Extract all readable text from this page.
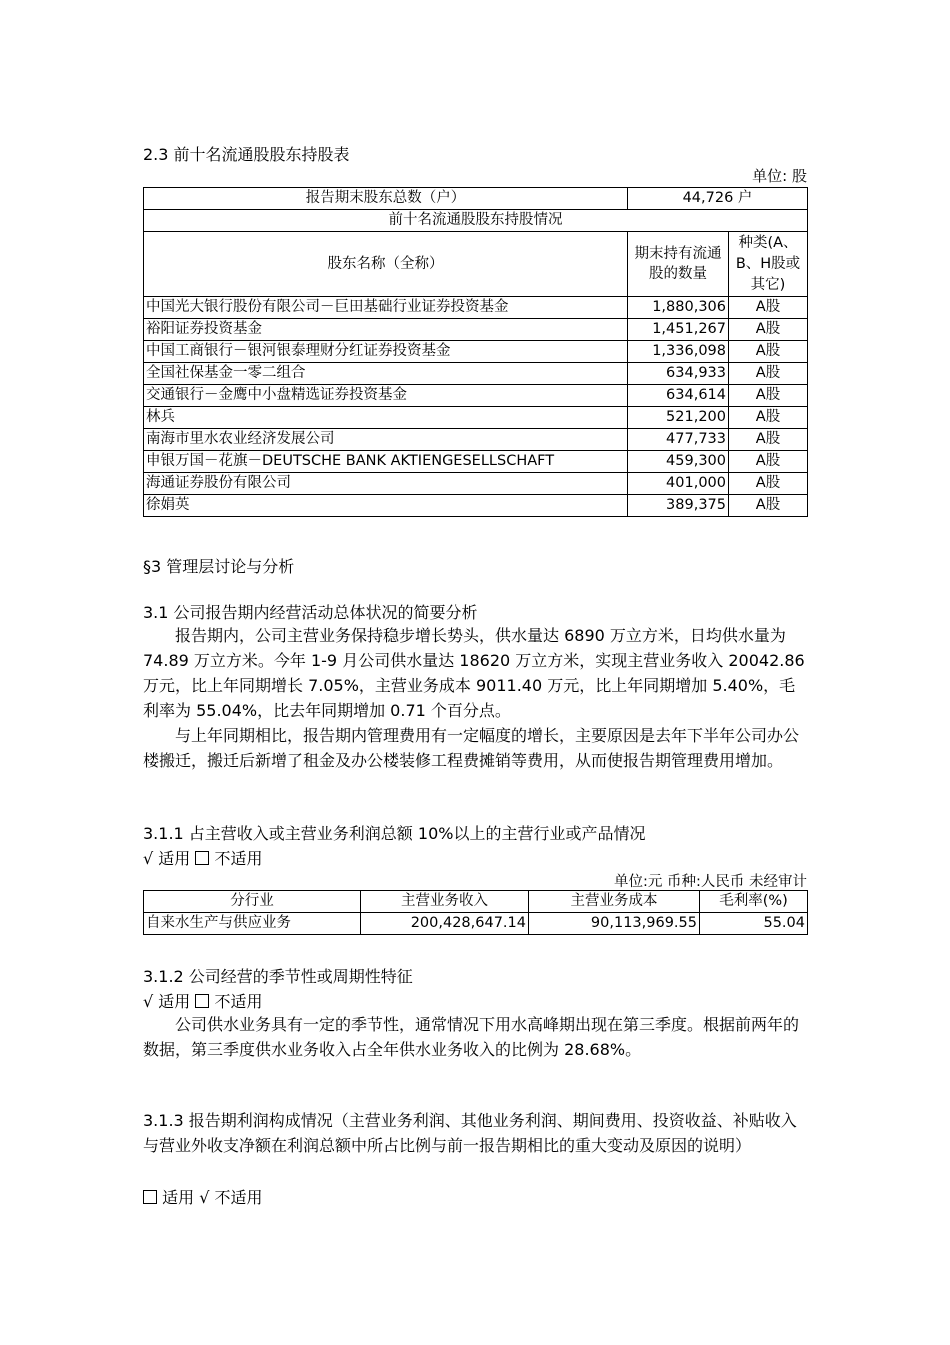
2.3 前十名流通股股东持股表
单位: 股
报告期末股东总数（户）	44,726 户	
前十名流通股股东持股情况		
股东名称（全称）	期末持有流通股的数量	种类(A、B、H股或其它)
中国光大银行股份有限公司－巨田基础行业证券投资基金	1,880,306	A股
裕阳证券投资基金	1,451,267	A股
中国工商银行－银河银泰理财分红证券投资基金	1,336,098	A股
全国社保基金一零二组合	634,933	A股
交通银行－金鹰中小盘精选证券投资基金	634,614	A股
林兵	521,200	A股
南海市里水农业经济发展公司	477,733	A股
申银万国－花旗－DEUTSCHE BANK AKTIENGESELLSCHAFT	459,300	A股
海通证券股份有限公司	401,000	A股
徐娟英	389,375	A股
§3 管理层讨论与分析
3.1 公司报告期内经营活动总体状况的简要分析
报告期内，公司主营业务保持稳步增长势头，供水量达 6890 万立方米，日均供水量为 74.89 万立方米。今年 1-9 月公司供水量达 18620 万立方米，实现主营业务收入 20042.86 万元，比上年同期增长 7.05%，主营业务成本 9011.40 万元，比上年同期增加 5.40%，毛利率为 55.04%，比去年同期增加 0.71 个百分点。
与上年同期相比，报告期内管理费用有一定幅度的增长，主要原因是去年下半年公司办公楼搬迁，搬迁后新增了租金及办公楼装修工程费摊销等费用，从而使报告期管理费用增加。
3.1.1 占主营收入或主营业务利润总额 10%以上的主营行业或产品情况
√ 适用 不适用
单位:元 币种:人民币 未经审计
分行业	主营业务收入	主营业务成本	毛利率(%)
自来水生产与供应业务	200,428,647.14	90,113,969.55	55.04
3.1.2 公司经营的季节性或周期性特征
√ 适用 不适用
公司供水业务具有一定的季节性，通常情况下用水高峰期出现在第三季度。根据前两年的数据，第三季度供水业务收入占全年供水业务收入的比例为 28.68%。
3.1.3 报告期利润构成情况（主营业务利润、其他业务利润、期间费用、投资收益、补贴收入与营业外收支净额在利润总额中所占比例与前一报告期相比的重大变动及原因的说明）
适用 √ 不适用
